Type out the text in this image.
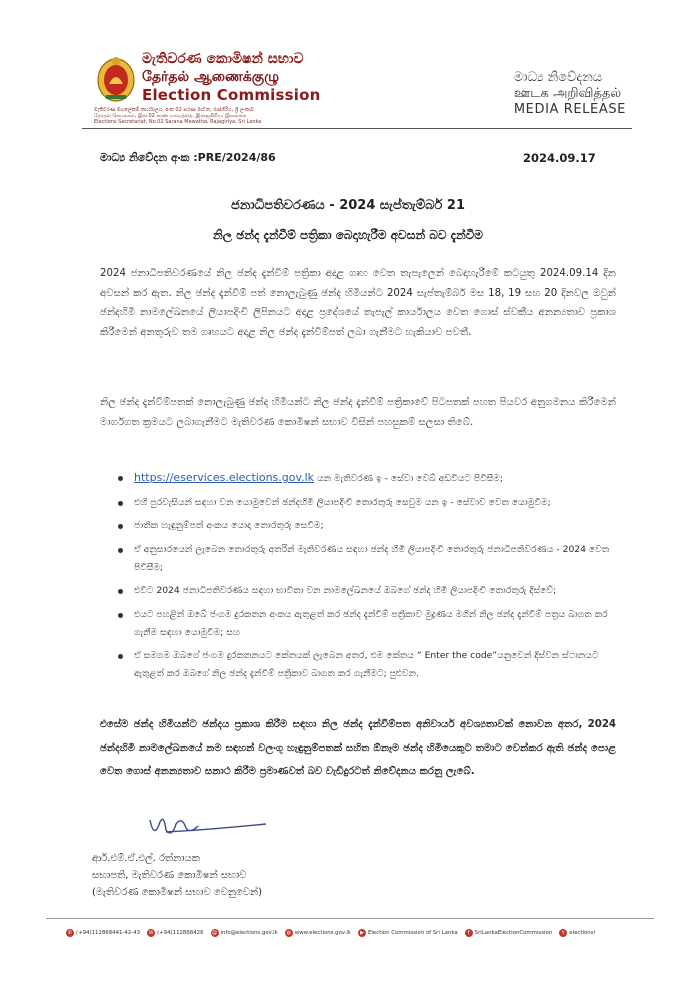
මැතිවරණ කොමිෂන් සභාව
தேர்தல் ஆணைக்குழு
Election Commission
මැතිවරණ මහලේකම් කාර්යාලය, අංක 02 සරණ මාවත, රාජගිරිය, ශ්‍රී ලංකාව
தேர்தல் செயலகம், இல.02 சரண மாவத்தை, இராஜகிரிய, இலங்கை
Elections Secretariat, No.02 Sarana Mawatha, Rajagiriya, Sri Lanka
මාධ්‍ය නිවේදනය
ஊடக அறிவித்தல்
MEDIA RELEASE
මාධ්‍ය නිවේදන අංක :PRE/2024/86	2024.09.17
ජනාධිපතිවරණය - 2024 සැප්තැම්බර් 21
නිල ඡන්ද දැන්වීම් පත්‍රිකා බෙදාහැරීම අවසන් බව දැන්වීම
2024 ජනාධිපතිවරණයේ නිල ඡන්ද දැන්වීම් පත්‍රිකා අදාළ ගෘහ වෙත තැපැලෙන් බෙදාහැරීමේ කටයුතු 2024.09.14 දින අවසන් කර ඇත. නිල ඡන්ද දැන්වීම් පත් නොලැබුණු ඡන්ද හිමියන්ට 2024 සැප්තැම්බර් මස 18, 19 සහ 20 දිනවල ඔවුන් ඡන්දහිමි නාමලේඛනයේ ලියාපදිංචි ලිපිනයට අදාළ ප්‍රදේශයේ තැපැල් කාර්යාලය වෙත ගොස් ස්වකීය අනන්‍යතාව ප්‍රකාශ කිරීමෙන් අනතුරුව තම ගෘහයට අදාළ නිල ඡන්ද දැන්වීම්පත් ලබා ගැනීමට හැකියාව පවතී.
නිල ඡන්ද දැන්වීම්පතක් නොලැබුණු ඡන්ද හිමියන්ට නිල ඡන්ද දැන්වීම් පත්‍රිකාවේ පිටපතක් පහත පියවර අනුගමනය කිරීමෙන් මාර්ගගත ක්‍රමයට ලබාගැනීමට මැතිවරණ කොමිෂන් සභාව විසින් පහසුකම් සලසා තිබේ.
https://eservices.elections.gov.lk යන මැතිවරණ ඉ - සේවා වෙබ් අඩවියට පිවිසීම;
එහි පුරවැසියන් සඳහා වන යොමුවෙන් ඡන්දහිමි ලියාපදිංචි තොරතුරු සෙවුම යන ඉ - සේවාව වෙත යොමුවීම;
ජාතික හැඳුනුම්පත් අංකය යොදා තොරතුරු සෙවීම;
ඒ අනුසාරයෙන් ලැබෙන තොරතුරු අතරින් මැතිවරණය සඳහා ඡන්ද හිමි ලියාපදිංචි තොරතුරු ජනාධිපතිවරණය - 2024 වෙත පිවිසීම;
එවිට 2024 ජනාධිපතිවරණය සඳහා භාවිතා වන නාමලේඛනයේ ඔබගේ ඡන්ද හිමි ලියාපදිංචි තොරතුරු දිස්වේ;
එයට පහළින් ඔබේ ජංගම දුරකතන අංකය ඇතුළත් කර ඡන්ද දැන්වීම් පත්‍රිකාව මුද්‍රණය මගින් නිල ඡන්ද දැන්වීම් පත්‍රය බාගත කර ගැනීම සඳහා යොමුවීම; සහ
ඒ සමගම ඔබගේ ජංගම දුරකතනයට කේතයක් ලැබෙන අතර, එම කේතය “ Enter the code”යනුවෙන් දිස්වන ස්ථානයට ඇතුළත් කර ඔබගේ නිල ඡන්ද දැන්වීම් පත්‍රිකාව බාගත කර ගැනීමට; පුළුවන.
එසේම ඡන්ද හිමියන්ට ඡන්දය ප්‍රකාශ කිරීම සඳහා නිල ඡන්ද දැන්වීම්පත අනිවාර්ය අවශ්‍යතාවක් නොවන අතර, 2024 ඡන්දහිමි නාමලේඛනයේ නම සඳහන් වලංගු හැඳුනුම්පතක් සහිත ඕනෑම ඡන්ද හිමියෙකුට තමාට වෙන්කර ඇති ඡන්ද පොළ වෙත ගොස් අනන්‍යතාව සනාථ කිරීම ප්‍රමාණවත් බව වැඩිදුරටත් නිවේදනය කරනු ලැබේ.
ආර්.එම්.ඒ.එල්. රත්නායක
සභාපති, මැතිවරණ කොමිෂන් සභාව
(මැතිවරණ කොමිෂන් සභාව වෙනුවෙන්)
✆ (+94)112868441-42-43	✉ (+94)112868426	@ info@elections.gov.lk	◍ www.elections.gov.lk	▶ Election Commission of Sri Lanka	f SriLankaElectionCommission	t electionsl
